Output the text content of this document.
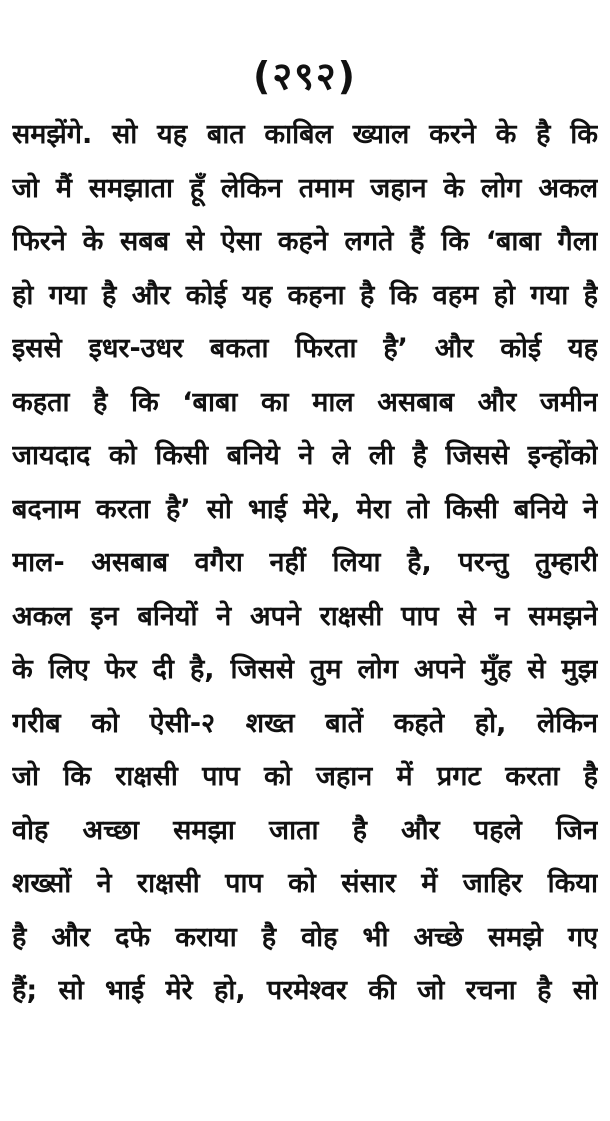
(२९२)
समझेंगे. सो यह बात काबिल ख्याल करने के है कि
जो मैं समझाता हूँ लेकिन तमाम जहान के लोग अकल
फिरने के सबब से ऐसा कहने लगते हैं कि ‘बाबा गैला
हो गया है और कोई यह कहना है कि वहम हो गया है
इससे इधर-उधर बकता फिरता है’ और कोई यह
कहता है कि ‘बाबा का माल असबाब और जमीन
जायदाद को किसी बनिये ने ले ली है जिससे इन्होंको
बदनाम करता है’ सो भाई मेरे, मेरा तो किसी बनिये ने
माल- असबाब वगैरा नहीं लिया है, परन्तु तुम्हारी
अकल इन बनियों ने अपने राक्षसी पाप से न समझने
के लिए फेर दी है, जिससे तुम लोग अपने मुँह से मुझ
गरीब को ऐसी-२ शख्त बातें कहते हो, लेकिन
जो कि राक्षसी पाप को जहान में प्रगट करता है
वोह अच्छा समझा जाता है और पहले जिन
शख्सों ने राक्षसी पाप को संसार में जाहिर किया
है और दफे कराया है वोह भी अच्छे समझे गए
हैं; सो भाई मेरे हो, परमेश्वर की जो रचना है सो
